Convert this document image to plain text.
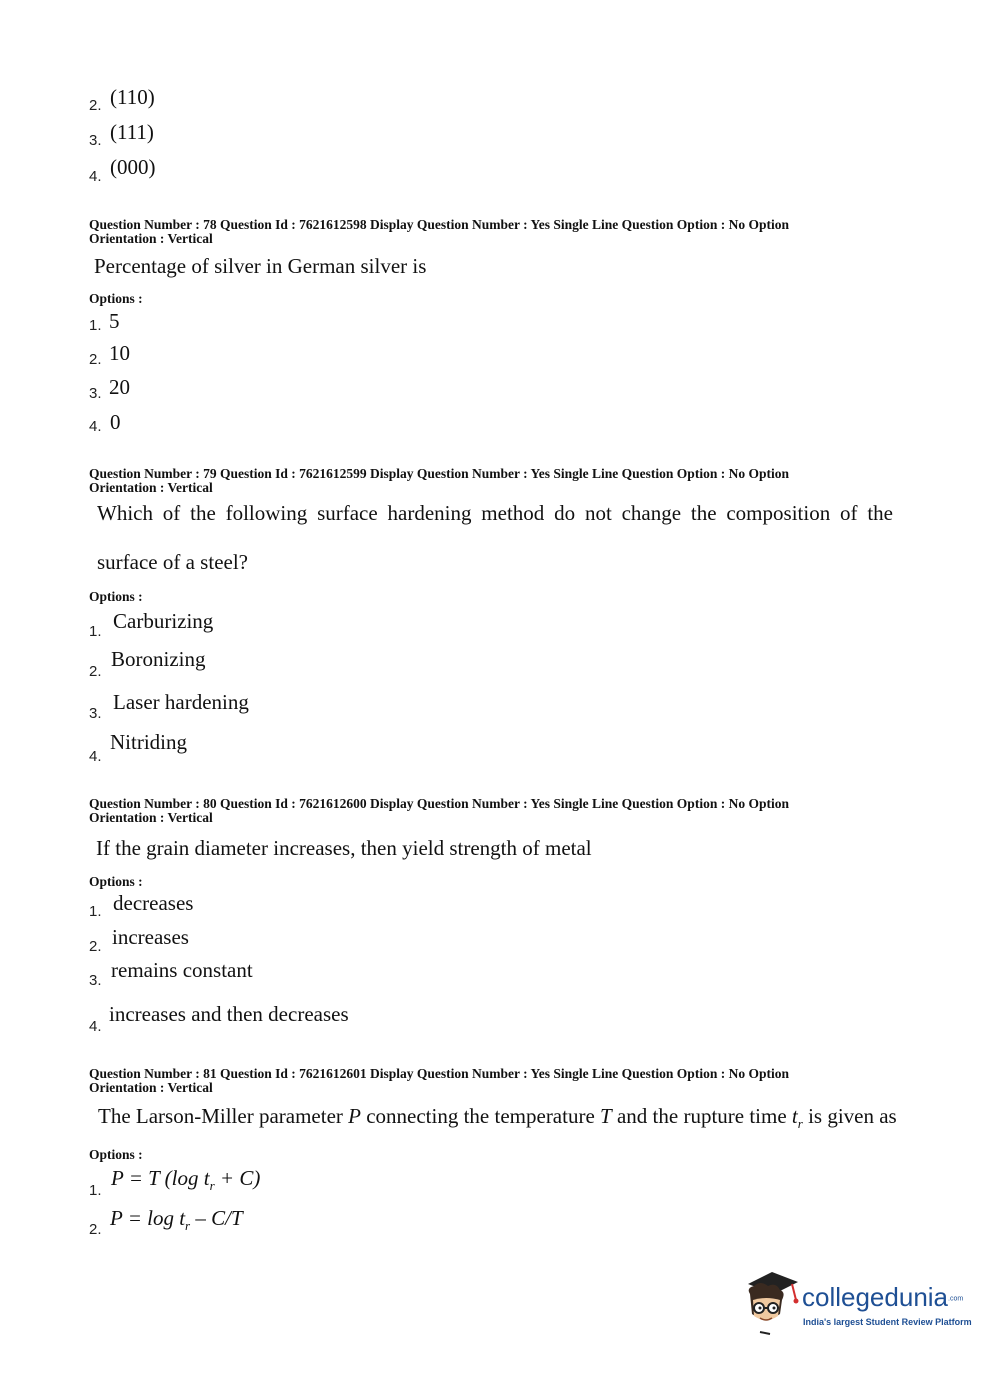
2. (110)
3. (111)
4. (000)
Question Number : 78 Question Id : 7621612598 Display Question Number : Yes Single Line Question Option : No Option
Orientation : Vertical
Percentage of silver in German silver is
Options :
1. 5
2. 10
3. 20
4. 0
Question Number : 79 Question Id : 7621612599 Display Question Number : Yes Single Line Question Option : No Option
Orientation : Vertical
Which of the following surface hardening method do not change the composition of the
surface of a steel?
Options :
1. Carburizing
2.
Boronizing
3. Laser hardening
4.
Nitriding
Question Number : 80 Question Id : 7621612600 Display Question Number : Yes Single Line Question Option : No Option
Orientation : Vertical
If the grain diameter increases, then yield strength of metal
Options :
1. decreases
2. increases
3. remains constant
4.
increases and then decreases
Question Number : 81 Question Id : 7621612601 Display Question Number : Yes Single Line Question Option : No Option
Orientation : Vertical
The Larson-Miller parameter P connecting the temperature T and the rupture time $t_r$ is given as
Options :
1.
P = T (log $t_r + C$)
2. $P = \log t_r - C/T$
collegedunia.com
India's largest Student Review Platform
